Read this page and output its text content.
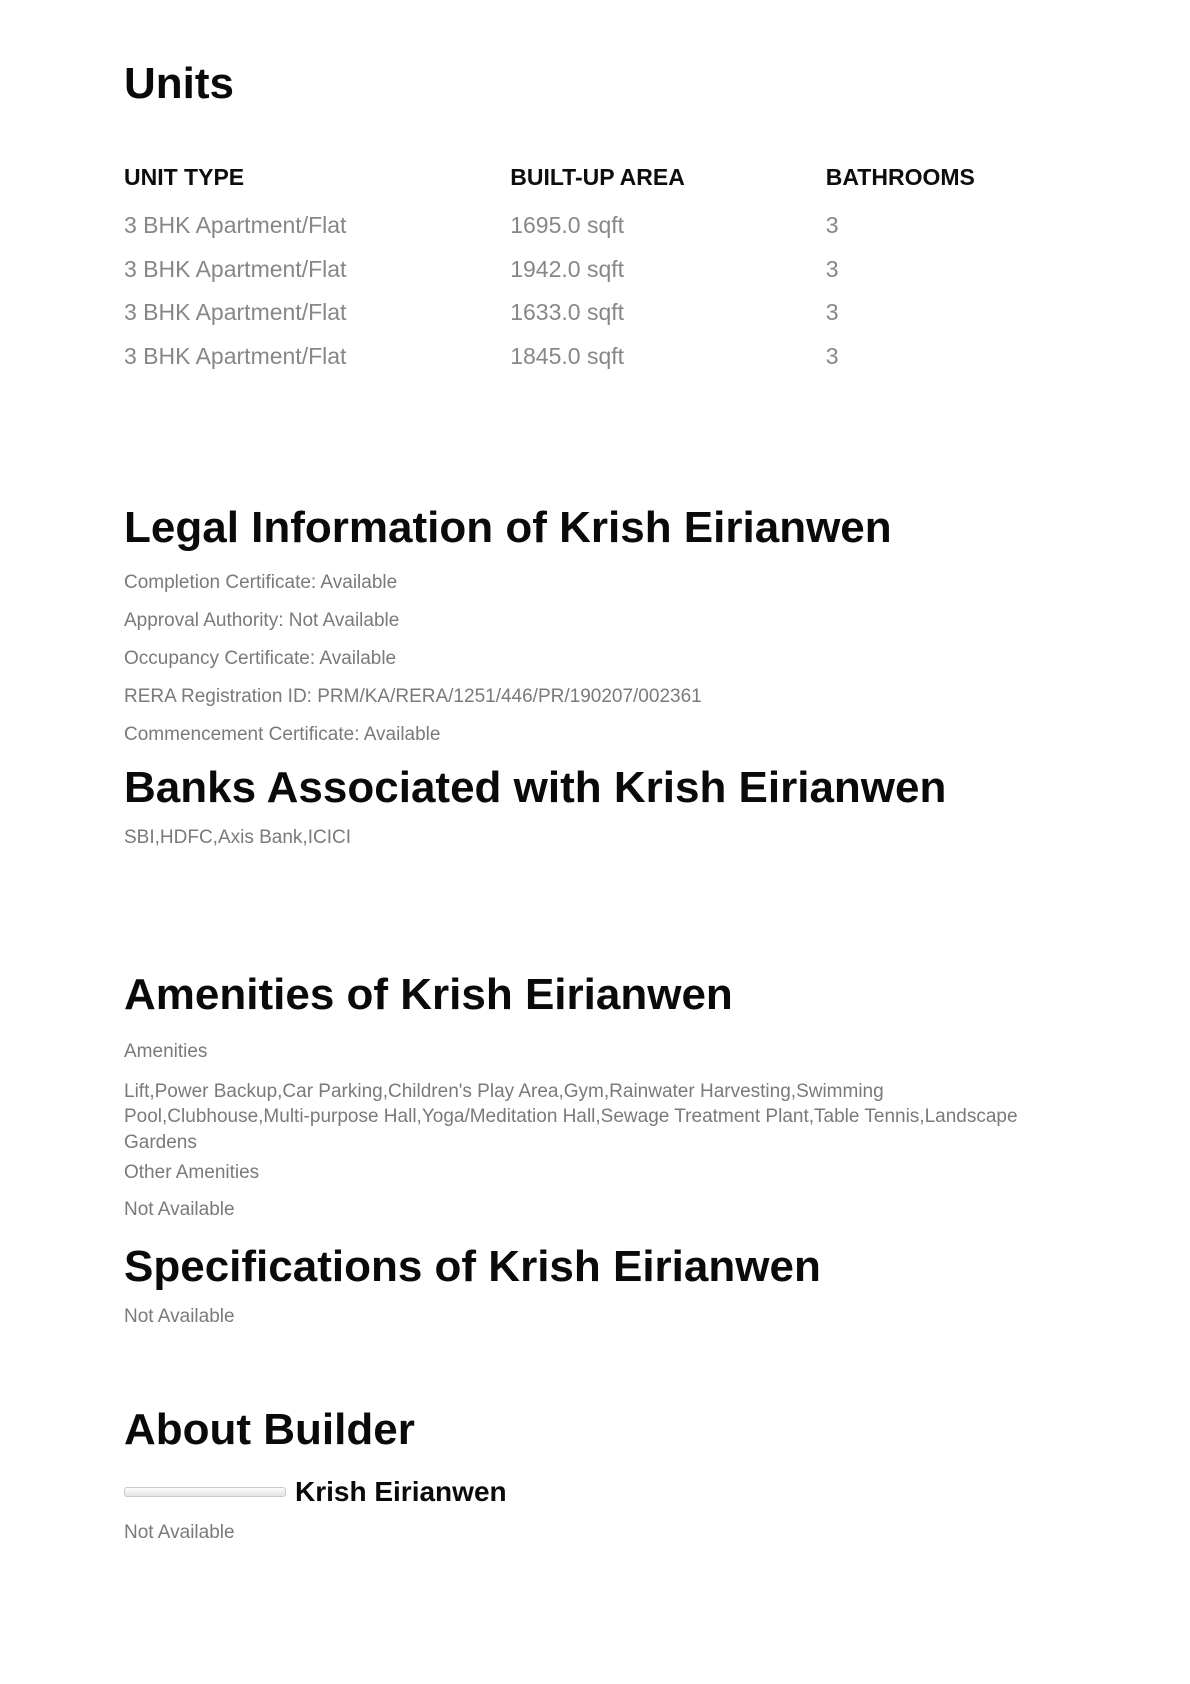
Units
UNIT TYPE	BUILT-UP AREA	BATHROOMS
3 BHK Apartment/Flat	1695.0 sqft	3
3 BHK Apartment/Flat	1942.0 sqft	3
3 BHK Apartment/Flat	1633.0 sqft	3
3 BHK Apartment/Flat	1845.0 sqft	3
Legal Information of Krish Eirianwen

Completion Certificate: Available

Approval Authority: Not Available

Occupancy Certificate: Available

RERA Registration ID: PRM/KA/RERA/1251/446/PR/190207/002361

Commencement Certificate: Available

Banks Associated with Krish Eirianwen

SBI,HDFC,Axis Bank,ICICI

Amenities of Krish Eirianwen

Amenities

Lift,Power Backup,Car Parking,Children's Play Area,Gym,Rainwater Harvesting,Swimming Pool,Clubhouse,Multi-purpose Hall,Yoga/Meditation Hall,Sewage Treatment Plant,Table Tennis,Landscape Gardens

Other Amenities

Not Available

Specifications of Krish Eirianwen

Not Available

About Builder
Krish Eirianwen

Not Available
